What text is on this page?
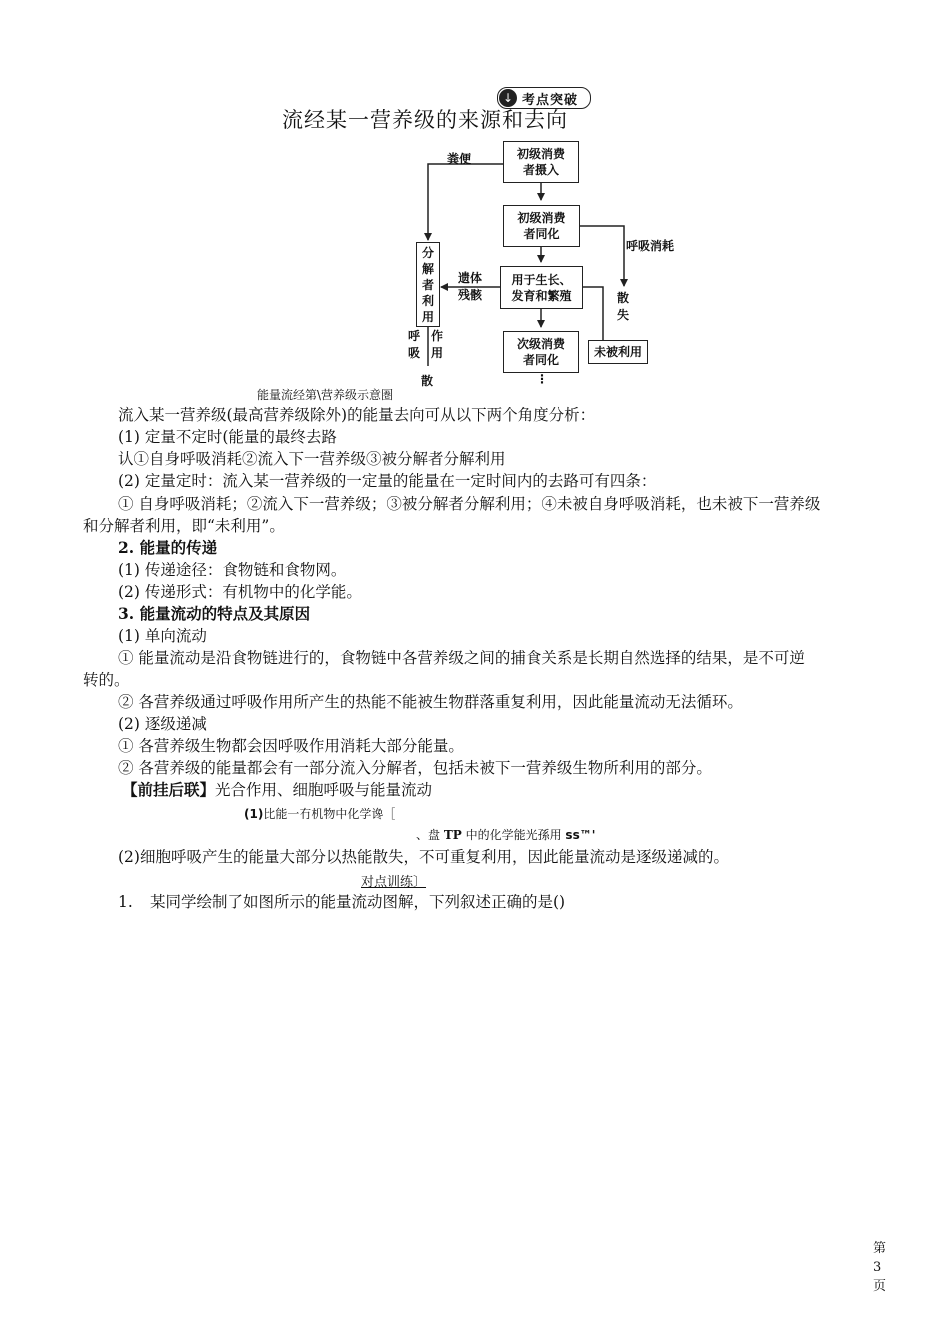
↓ 考点突破
流经某一营养级的来源和去向
初级消费者摄入
初级消费者同化
用于生长、发育和繁殖
次级消费者同化
未被利用
分解者利用
粪便
呼吸消耗
散失
遗体残骸
呼吸
作用
散	⋮
能量流经第\营养级示意圏
流入某一营养级(最高营养级除外)的能量去向可从以下两个角度分析：
(1) 定量不定时(能量的最终去路
认①自身呼吸消耗②流入下一营养级③被分解者分解利用
(2) 定量定时：流入某一营养级的一定量的能量在一定时间内的去路可有四条：
① 自身呼吸消耗；②流入下一营养级；③被分解者分解利用；④未被自身呼吸消耗，也未被下一营养级
和分解者利用，即“未利用”。
2. 能量的传递
(1) 传递途径：食物链和食物网。
(2) 传递形式：有机物中的化学能。
3. 能量流动的特点及其原因
(1) 单向流动
① 能量流动是沿食物链进行的，食物链中各营养级之间的捕食关系是长期自然选择的结果，是不可逆
转的。
② 各营养级通过呼吸作用所产生的热能不能被生物群落重复利用，因此能量流动无法循环。
(2) 逐级递减
① 各营养级生物都会因呼吸作用消耗大部分能量。
② 各营养级的能量都会有一部分流入分解者，包括未被下一营养级生物所利用的部分。
【前挂后联】光合作用、细胞呼吸与能量流动
(1)比能一冇机物中化学谗［
、盘 TP 中的化学能光孫用 ss™'
(2)细胞呼吸产生的能量大部分以热能散失，不可重复利用，因此能量流动是逐级递减的。
对点训练〕
1. 某同学绘制了如图所示的能量流动图解，下列叙述正确的是()
第 3 页
